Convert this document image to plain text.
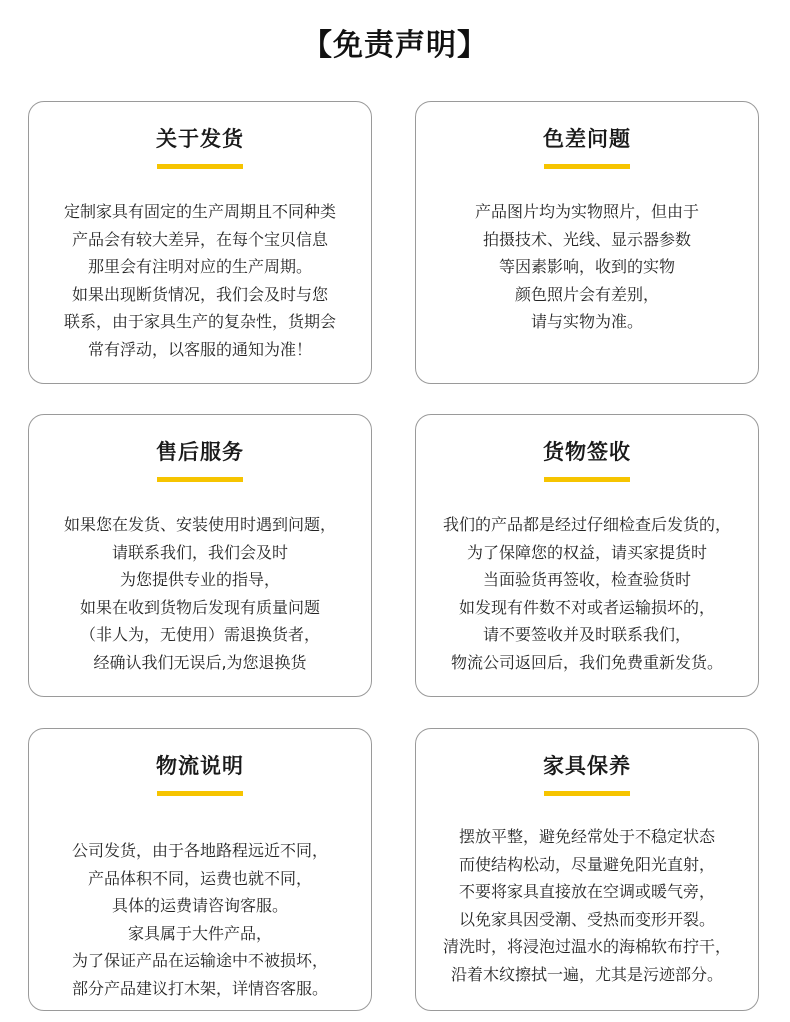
【免责声明】
关于发货
定制家具有固定的生产周期且不同种类
产品会有较大差异，在每个宝贝信息
那里会有注明对应的生产周期。
如果出现断货情况，我们会及时与您
联系，由于家具生产的复杂性，货期会
常有浮动，以客服的通知为准！
色差问题
产品图片均为实物照片，但由于
拍摄技术、光线、显示器参数
等因素影响，收到的实物
颜色照片会有差别，
请与实物为准。
售后服务
如果您在发货、安装使用时遇到问题，
请联系我们，我们会及时
为您提供专业的指导，
如果在收到货物后发现有质量问题
（非人为，无使用）需退换货者，
经确认我们无误后,为您退换货
货物签收
我们的产品都是经过仔细检查后发货的，
为了保障您的权益，请买家提货时
当面验货再签收，检查验货时
如发现有件数不对或者运输损坏的，
请不要签收并及时联系我们，
物流公司返回后，我们免费重新发货。
物流说明
公司发货，由于各地路程远近不同，
产品体积不同，运费也就不同，
具体的运费请咨询客服。
家具属于大件产品，
为了保证产品在运输途中不被损坏，
部分产品建议打木架，详情咨客服。
家具保养
摆放平整，避免经常处于不稳定状态
而使结构松动，尽量避免阳光直射，
不要将家具直接放在空调或暖气旁，
以免家具因受潮、受热而变形开裂。
清洗时，将浸泡过温水的海棉软布拧干，
沿着木纹擦拭一遍，尤其是污迹部分。
